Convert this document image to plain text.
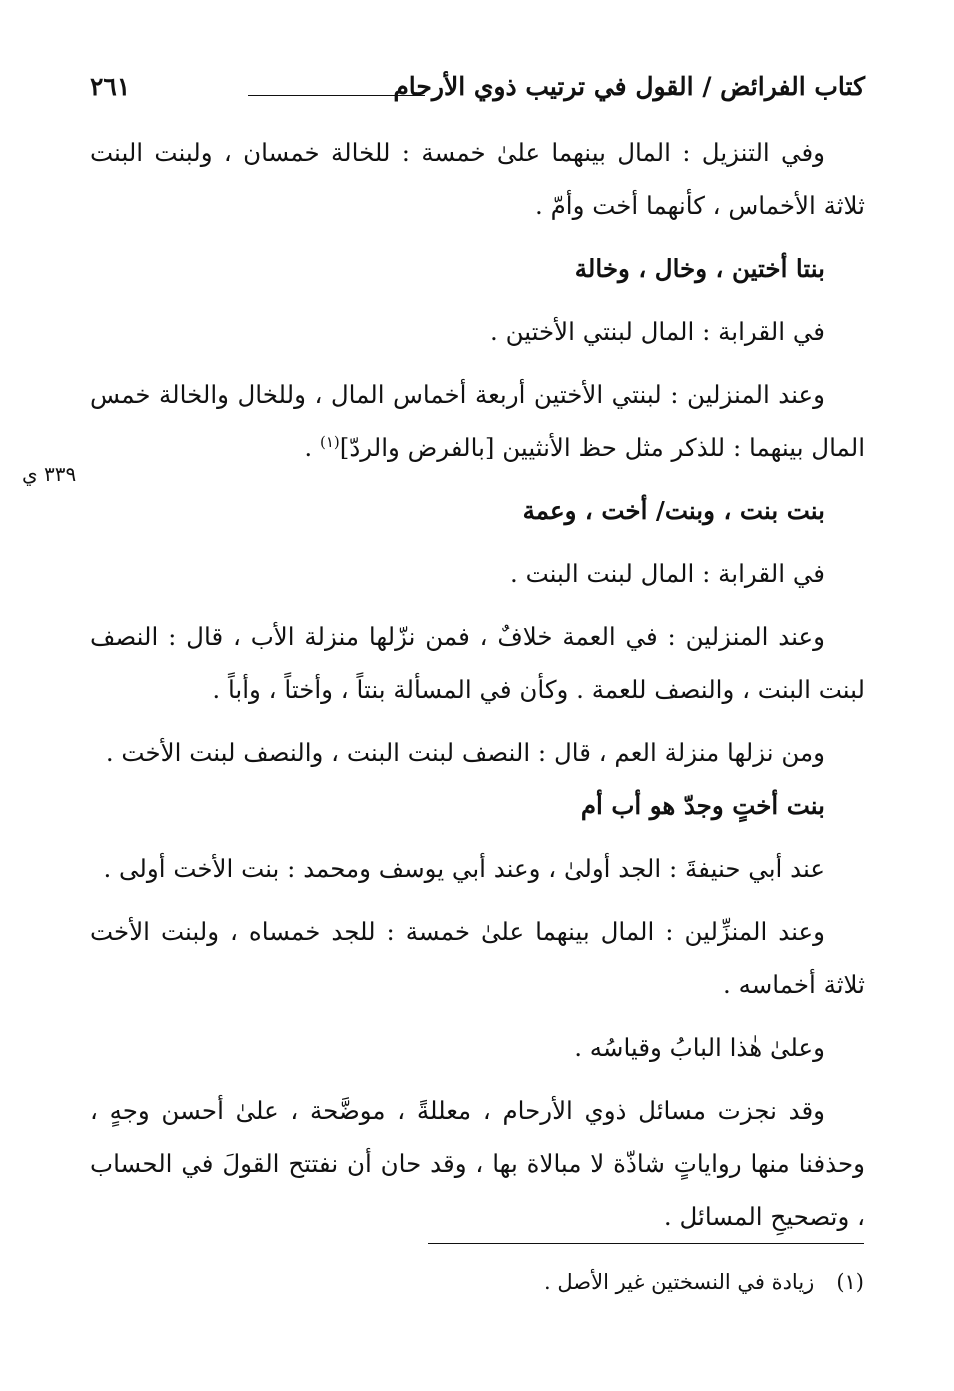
كتاب الفرائض / القول في ترتيب ذوي الأرحام
٢٦١
٣٣٩ ي

وفي التنزيل : المال بينهما علىٰ خمسة : للخالة خمسان ، ولبنت البنت ثلاثة الأخماس ، كأنهما أخت وأمّ .

بنتا أختين ، وخال ، وخالة

في القرابة : المال لبنتي الأختين .

وعند المنزلين : لبنتي الأختين أربعة أخماس المال ، وللخال والخالة خمس المال بينهما : للذكر مثل حظ الأنثيين [بالفرض والردّ]$^{(١)}$ .

بنت بنت ، وبنت/ أخت ، وعمة

في القرابة : المال لبنت البنت .

وعند المنزلين : في العمة خلافٌ ، فمن نزّلها منزلة الأب ، قال : النصف لبنت البنت ، والنصف للعمة . وكأن في المسألة بنتاً ، وأختاً ، وأباً .

ومن نزلها منزلة العم ، قال : النصف لبنت البنت ، والنصف لبنت الأخت .

بنت أختٍ وجدّ هو أب أم

عند أبي حنيفةَ : الجد أولىٰ ، وعند أبي يوسف ومحمد : بنت الأخت أولى .

وعند المنزِّلين : المال بينهما علىٰ خمسة : للجد خمساه ، ولبنت الأخت ثلاثة أخماسه .

وعلىٰ هٰذا البابُ وقياسُه .

وقد نجزت مسائل ذوي الأرحام ، معللةً ، موضَّحة ، علىٰ أحسن وجهٍ ، وحذفنا منها رواياتٍ شاذّة لا مبالاة بها ، وقد حان أن نفتتح القولَ في الحساب ، وتصحيحِ المسائل .

(١)زيادة في النسختين غير الأصل .
